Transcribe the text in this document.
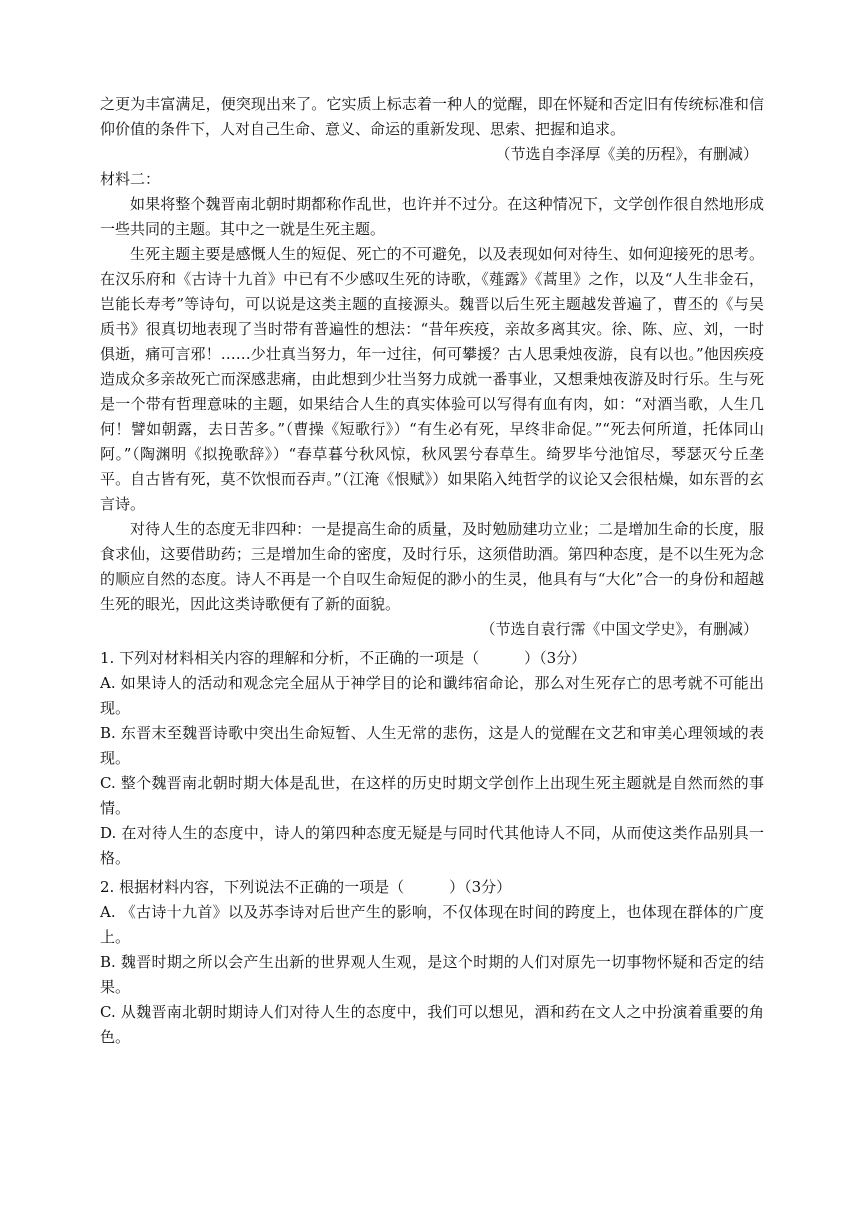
之更为丰富满足，便突现出来了。它实质上标志着一种人的觉醒，即在怀疑和否定旧有传统标准和信仰价值的条件下，人对自己生命、意义、命运的重新发现、思索、把握和追求。

（节选自李泽厚《美的历程》，有删减）

材料二：

如果将整个魏晋南北朝时期都称作乱世，也许并不过分。在这种情况下，文学创作很自然地形成一些共同的主题。其中之一就是生死主题。

生死主题主要是感慨人生的短促、死亡的不可避免，以及表现如何对待生、如何迎接死的思考。在汉乐府和《古诗十九首》中已有不少感叹生死的诗歌，《薤露》《蒿里》之作，以及“人生非金石，岂能长寿考”等诗句，可以说是这类主题的直接源头。魏晋以后生死主题越发普遍了，曹丕的《与吴质书》很真切地表现了当时带有普遍性的想法：“昔年疾疫，亲故多离其灾。徐、陈、应、刘，一时俱逝，痛可言邪！……少壮真当努力，年一过往，何可攀援？古人思秉烛夜游，良有以也。”他因疾疫造成众多亲故死亡而深感悲痛，由此想到少壮当努力成就一番事业，又想秉烛夜游及时行乐。生与死是一个带有哲理意味的主题，如果结合人生的真实体验可以写得有血有肉，如：“对酒当歌，人生几何！譬如朝露，去日苦多。”（曹操《短歌行》）“有生必有死，早终非命促。”“死去何所道，托体同山阿。”（陶渊明《拟挽歌辞》）“春草暮兮秋风惊，秋风罢兮春草生。绮罗毕兮池馆尽，琴瑟灭兮丘垄平。自古皆有死，莫不饮恨而吞声。”（江淹《恨赋》）如果陷入纯哲学的议论又会很枯燥，如东晋的玄言诗。

对待人生的态度无非四种：一是提高生命的质量，及时勉励建功立业；二是增加生命的长度，服食求仙，这要借助药；三是增加生命的密度，及时行乐，这须借助酒。第四种态度，是不以生死为念的顺应自然的态度。诗人不再是一个自叹生命短促的渺小的生灵，他具有与“大化”合一的身份和超越生死的眼光，因此这类诗歌便有了新的面貌。

（节选自袁行霈《中国文学史》，有删减）

1. 下列对材料相关内容的理解和分析，不正确的一项是（　　　）（3分）

A. 如果诗人的活动和观念完全屈从于神学目的论和谶纬宿命论，那么对生死存亡的思考就不可能出现。

B. 东晋末至魏晋诗歌中突出生命短暂、人生无常的悲伤，这是人的觉醒在文艺和审美心理领域的表现。

C. 整个魏晋南北朝时期大体是乱世，在这样的历史时期文学创作上出现生死主题就是自然而然的事情。

D. 在对待人生的态度中，诗人的第四种态度无疑是与同时代其他诗人不同，从而使这类作品别具一格。

2. 根据材料内容，下列说法不正确的一项是（　　　）（3分）

A. 《古诗十九首》以及苏李诗对后世产生的影响，不仅体现在时间的跨度上，也体现在群体的广度上。

B. 魏晋时期之所以会产生出新的世界观人生观，是这个时期的人们对原先一切事物怀疑和否定的结果。

C. 从魏晋南北朝时期诗人们对待人生的态度中，我们可以想见，酒和药在文人之中扮演着重要的角色。
